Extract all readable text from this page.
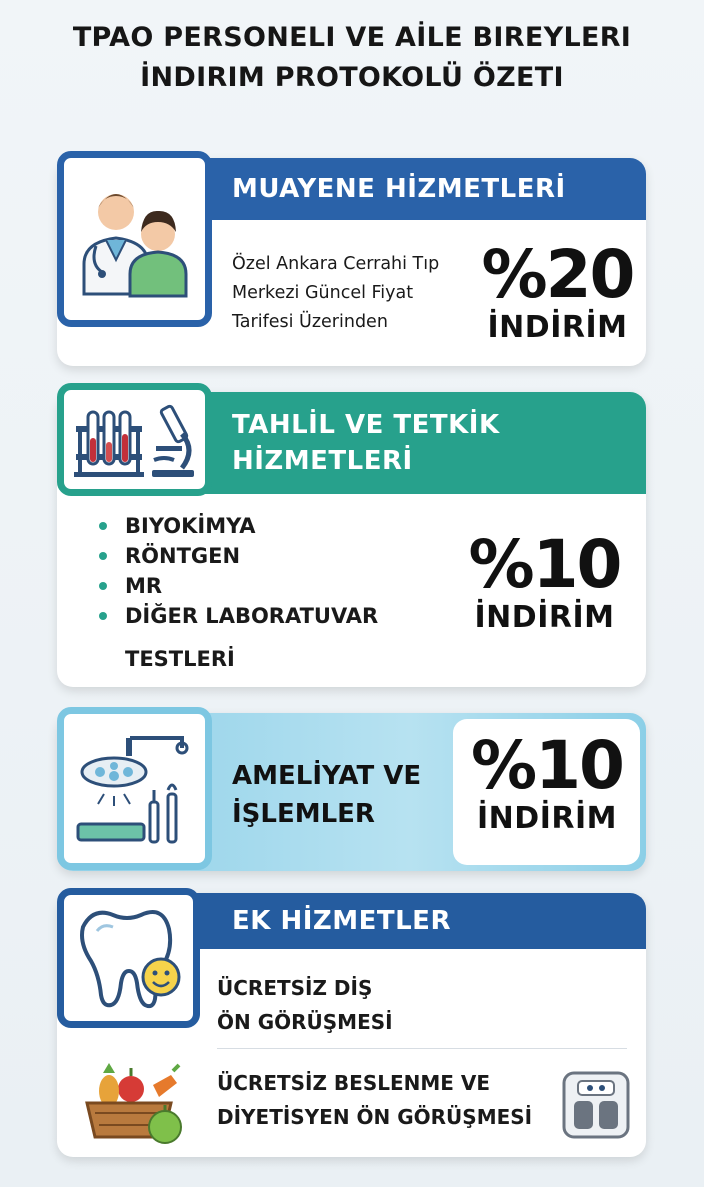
TPAO PERSONELI VE AİLE BIREYLERI
İNDIRIM PROTOKOLÜ ÖZETI
MUAYENE HİZMETLERİ
Özel Ankara Cerrahi Tıp
Merkezi Güncel Fiyat
Tarifesi Üzerinden
%20
İNDİRİM
TAHLİL VE TETKİK
HİZMETLERİ
BIYOKİMYA
RÖNTGEN
MR
DİĞER LABORATUVAR
TESTLERİ
%10
İNDİRİM
AMELİYAT VE
İŞLEMLER
%10
İNDİRİM
EK HİZMETLER
ÜCRETSİZ DİŞ
ÖN GÖRÜŞMESİ
ÜCRETSİZ BESLENME VE
DİYETİSYEN ÖN GÖRÜŞMESİ
